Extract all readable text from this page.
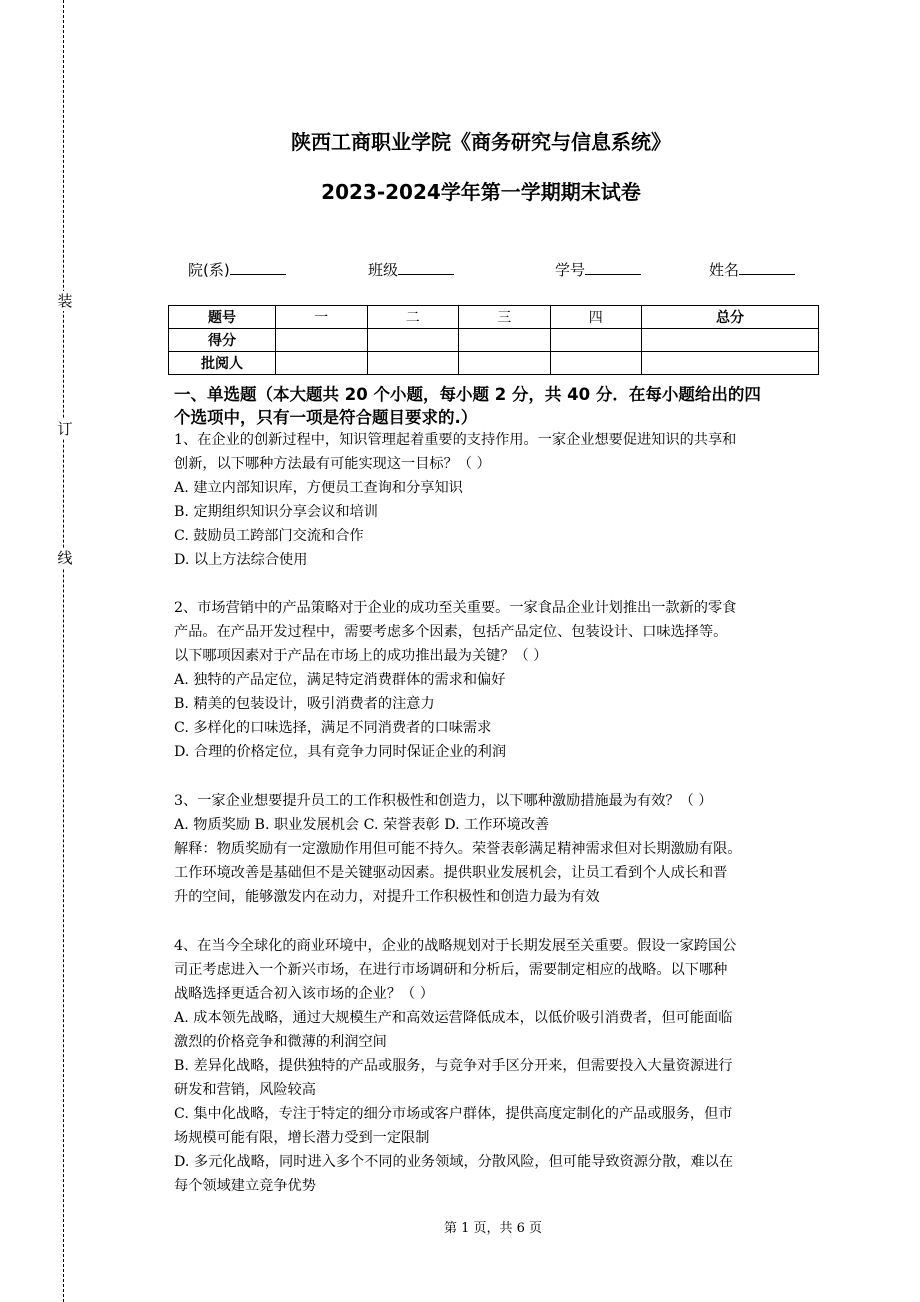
装
订
线
陕西工商职业学院《商务研究与信息系统》
2023-2024学年第一学期期末试卷
院(系)	班级	学号	姓名
题号	一	二	三	四	总分
得分					
批阅人					
一、单选题（本大题共 20 个小题，每小题 2 分，共 40 分．在每小题给出的四
个选项中，只有一项是符合题目要求的.）
1、在企业的创新过程中，知识管理起着重要的支持作用。一家企业想要促进知识的共享和
创新，以下哪种方法最有可能实现这一目标？（ ）
A. 建立内部知识库，方便员工查询和分享知识
B. 定期组织知识分享会议和培训
C. 鼓励员工跨部门交流和合作
D. 以上方法综合使用
2、市场营销中的产品策略对于企业的成功至关重要。一家食品企业计划推出一款新的零食
产品。在产品开发过程中，需要考虑多个因素，包括产品定位、包装设计、口味选择等。
以下哪项因素对于产品在市场上的成功推出最为关键？（ ）
A. 独特的产品定位，满足特定消费群体的需求和偏好
B. 精美的包装设计，吸引消费者的注意力
C. 多样化的口味选择，满足不同消费者的口味需求
D. 合理的价格定位，具有竞争力同时保证企业的利润
3、一家企业想要提升员工的工作积极性和创造力，以下哪种激励措施最为有效？（ ）
A. 物质奖励 B. 职业发展机会 C. 荣誉表彰 D. 工作环境改善
解释：物质奖励有一定激励作用但可能不持久。荣誉表彰满足精神需求但对长期激励有限。
工作环境改善是基础但不是关键驱动因素。提供职业发展机会，让员工看到个人成长和晋
升的空间，能够激发内在动力，对提升工作积极性和创造力最为有效
4、在当今全球化的商业环境中，企业的战略规划对于长期发展至关重要。假设一家跨国公
司正考虑进入一个新兴市场，在进行市场调研和分析后，需要制定相应的战略。以下哪种
战略选择更适合初入该市场的企业？（ ）
A. 成本领先战略，通过大规模生产和高效运营降低成本，以低价吸引消费者，但可能面临
激烈的价格竞争和微薄的利润空间
B. 差异化战略，提供独特的产品或服务，与竞争对手区分开来，但需要投入大量资源进行
研发和营销，风险较高
C. 集中化战略，专注于特定的细分市场或客户群体，提供高度定制化的产品或服务，但市
场规模可能有限，增长潜力受到一定限制
D. 多元化战略，同时进入多个不同的业务领域，分散风险，但可能导致资源分散，难以在
每个领域建立竞争优势
第 1 页，共 6 页
